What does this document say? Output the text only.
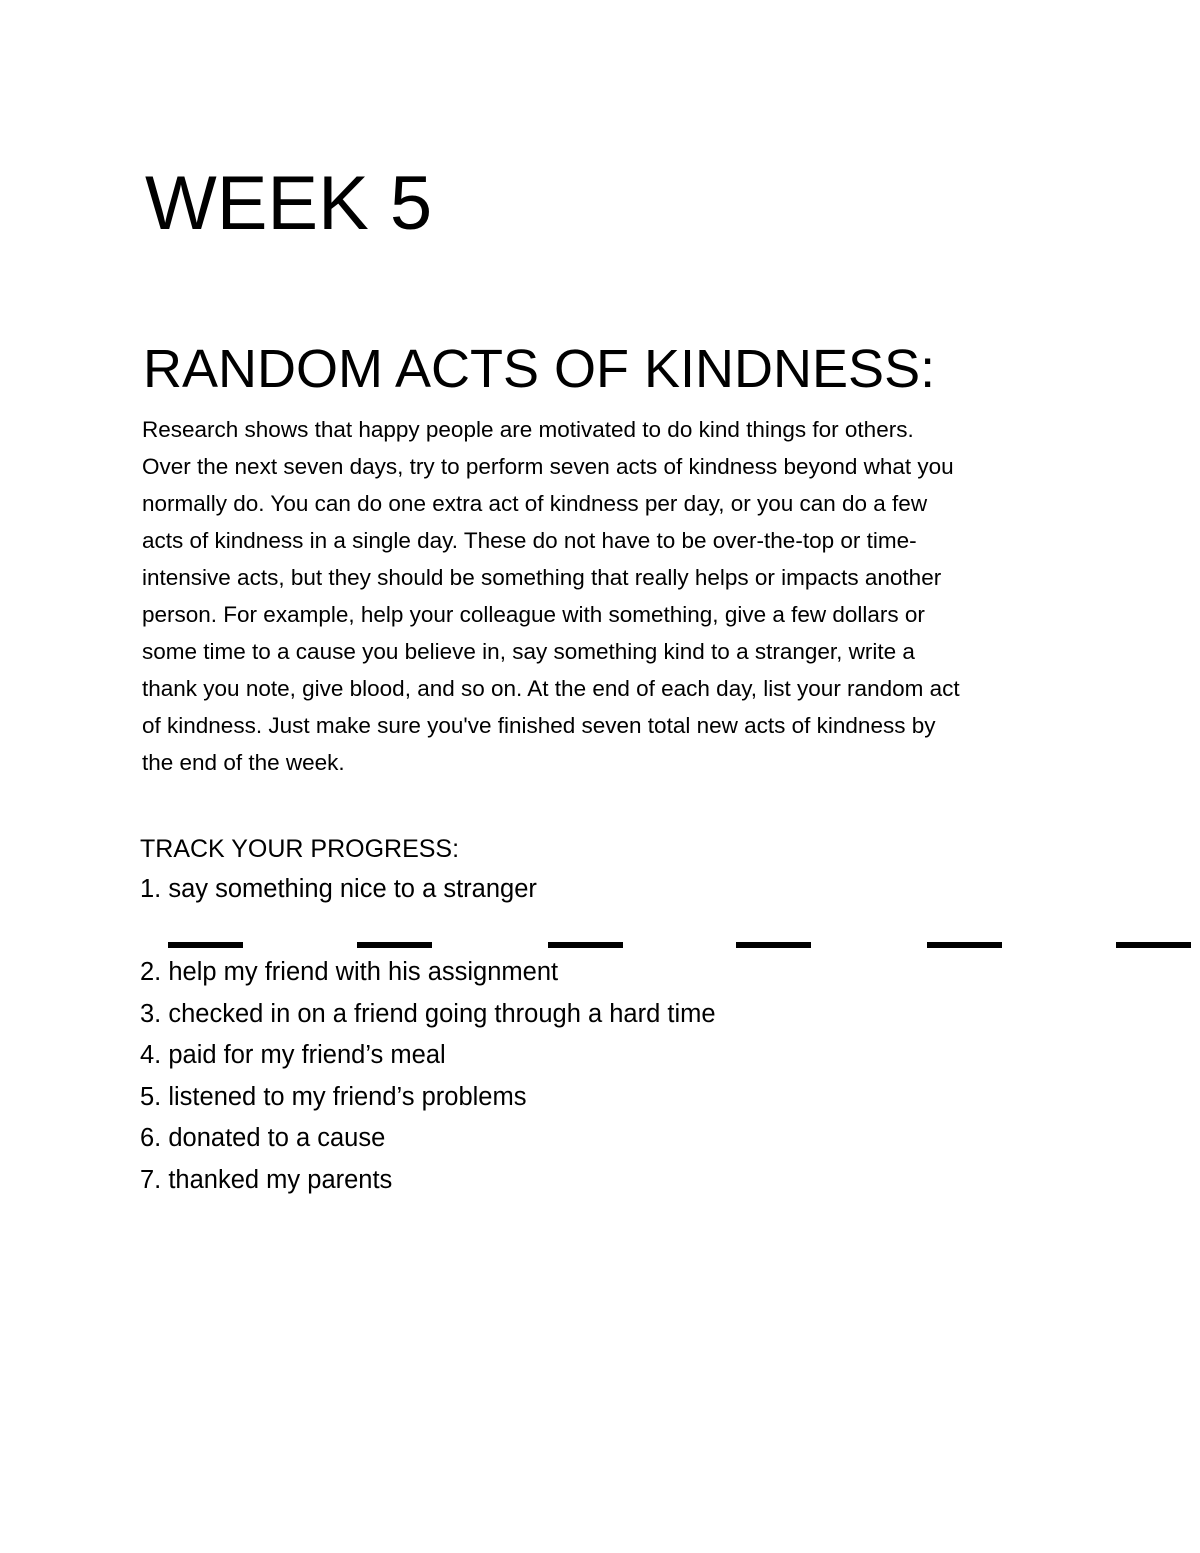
WEEK 5
RANDOM ACTS OF KINDNESS:
Research shows that happy people are motivated to do kind things for others.
Over the next seven days, try to perform seven acts of kindness beyond what you
normally do. You can do one extra act of kindness per day, or you can do a few
acts of kindness in a single day. These do not have to be over-the-top or time-
intensive acts, but they should be something that really helps or impacts another
person. For example, help your colleague with something, give a few dollars or
some time to a cause you believe in, say something kind to a stranger, write a
thank you note, give blood, and so on. At the end of each day, list your random act
of kindness. Just make sure you've finished seven total new acts of kindness by
the end of the week.
TRACK YOUR PROGRESS:
1. say something nice to a stranger
2. help my friend with his assignment
3. checked in on a friend going through a hard time
4. paid for my friend’s meal
5. listened to my friend’s problems
6. donated to a cause
7. thanked my parents
